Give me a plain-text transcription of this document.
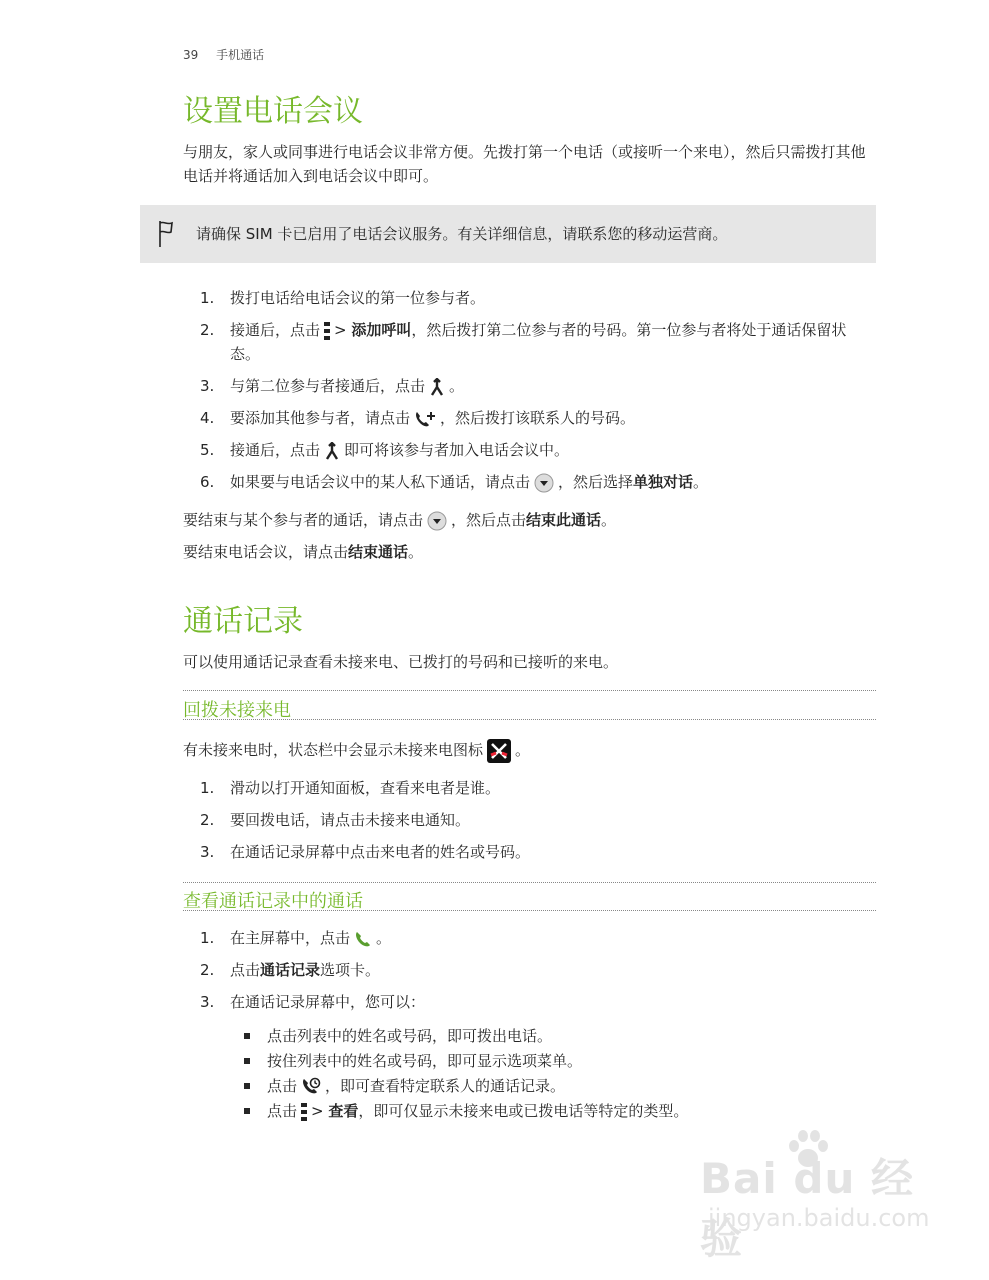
39 手机通话
设置电话会议

与朋友，家人或同事进行电话会议非常方便。先拨打第一个电话（或接听一个来电），然后只需拨打其他电话并将通话加入到电话会议中即可。

请确保 SIM 卡已启用了电话会议服务。有关详细信息，请联系您的移动运营商。
1.	拨打电话给电话会议的第一位参与者。
2.	接通后，点击 > 添加呼叫，然后拨打第二位参与者的号码。第一位参与者将处于通话保留状态。
3.	与第二位参与者接通后，点击 。
4.	要添加其他参与者，请点击 ，然后拨打该联系人的号码。
5.	接通后，点击 即可将该参与者加入电话会议中。
6.	如果要与电话会议中的某人私下通话，请点击 ，然后选择单独对话。

要结束与某个参与者的通话，请点击 ，然后点击结束此通话。

要结束电话会议，请点击结束通话。

通话记录

可以使用通话记录查看未接来电、已拨打的号码和已接听的来电。

回拨未接来电

有未接来电时，状态栏中会显示未接来电图标 。

1.	滑动以打开通知面板，查看来电者是谁。
2.	要回拨电话，请点击未接来电通知。
3.	在通话记录屏幕中点击来电者的姓名或号码。
查看通话记录中的通话
1.	在主屏幕中，点击 。
2.	点击通话记录选项卡。
3.	在通话记录屏幕中，您可以：
点击列表中的姓名或号码，即可拨出电话。
按住列表中的姓名或号码，即可显示选项菜单。
点击 ，即可查看特定联系人的通话记录。
点击 > 查看，即可仅显示未接来电或已拨电话等特定的类型。
Bai du 经验
jingyan.baidu.com
